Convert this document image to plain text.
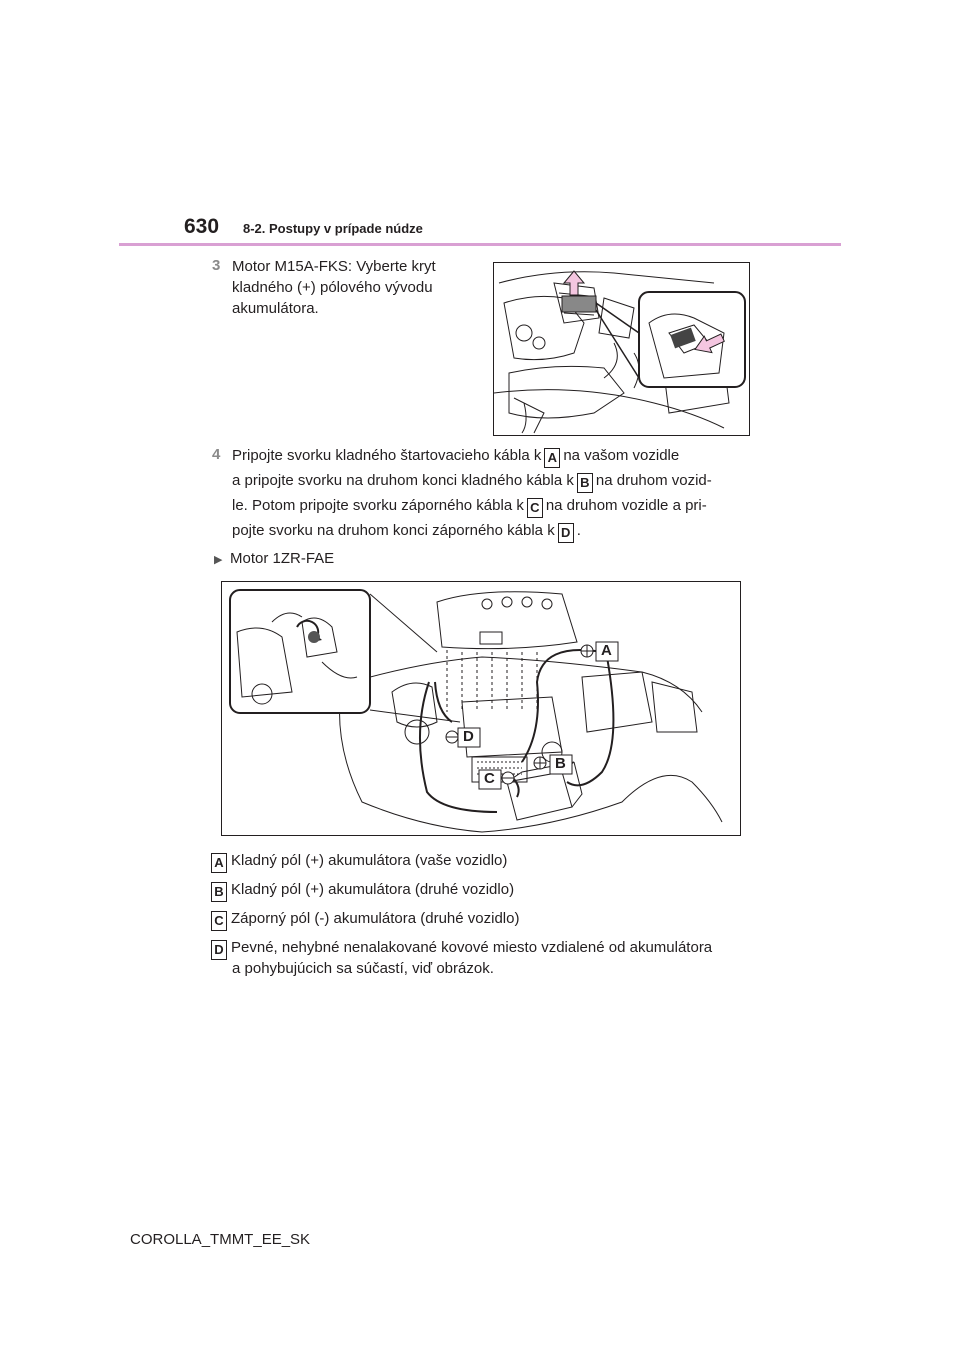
630 8-2. Postupy v prípade núdze
3 Motor M15A-FKS: Vyberte kryt
kladného (+) pólového vývodu
akumulátora.
4 Pripojte svorku kladného štartovacieho kábla k A na vašom vozidle
a pripojte svorku na druhom konci kladného kábla k B na druhom vozid-
le. Potom pripojte svorku záporného kábla k C na druhom vozidle a pri-
pojte svorku na druhom konci záporného kábla k D .
▶ Motor 1ZR-FAE
A
D
B
C
A Kladný pól (+) akumulátora (vaše vozidlo)
B Kladný pól (+) akumulátora (druhé vozidlo)
C Záporný pól (-) akumulátora (druhé vozidlo)
D Pevné, nehybné nenalakované kovové miesto vzdialené od akumulátora
a pohybujúcich sa súčastí, viď obrázok.
COROLLA_TMMT_EE_SK
